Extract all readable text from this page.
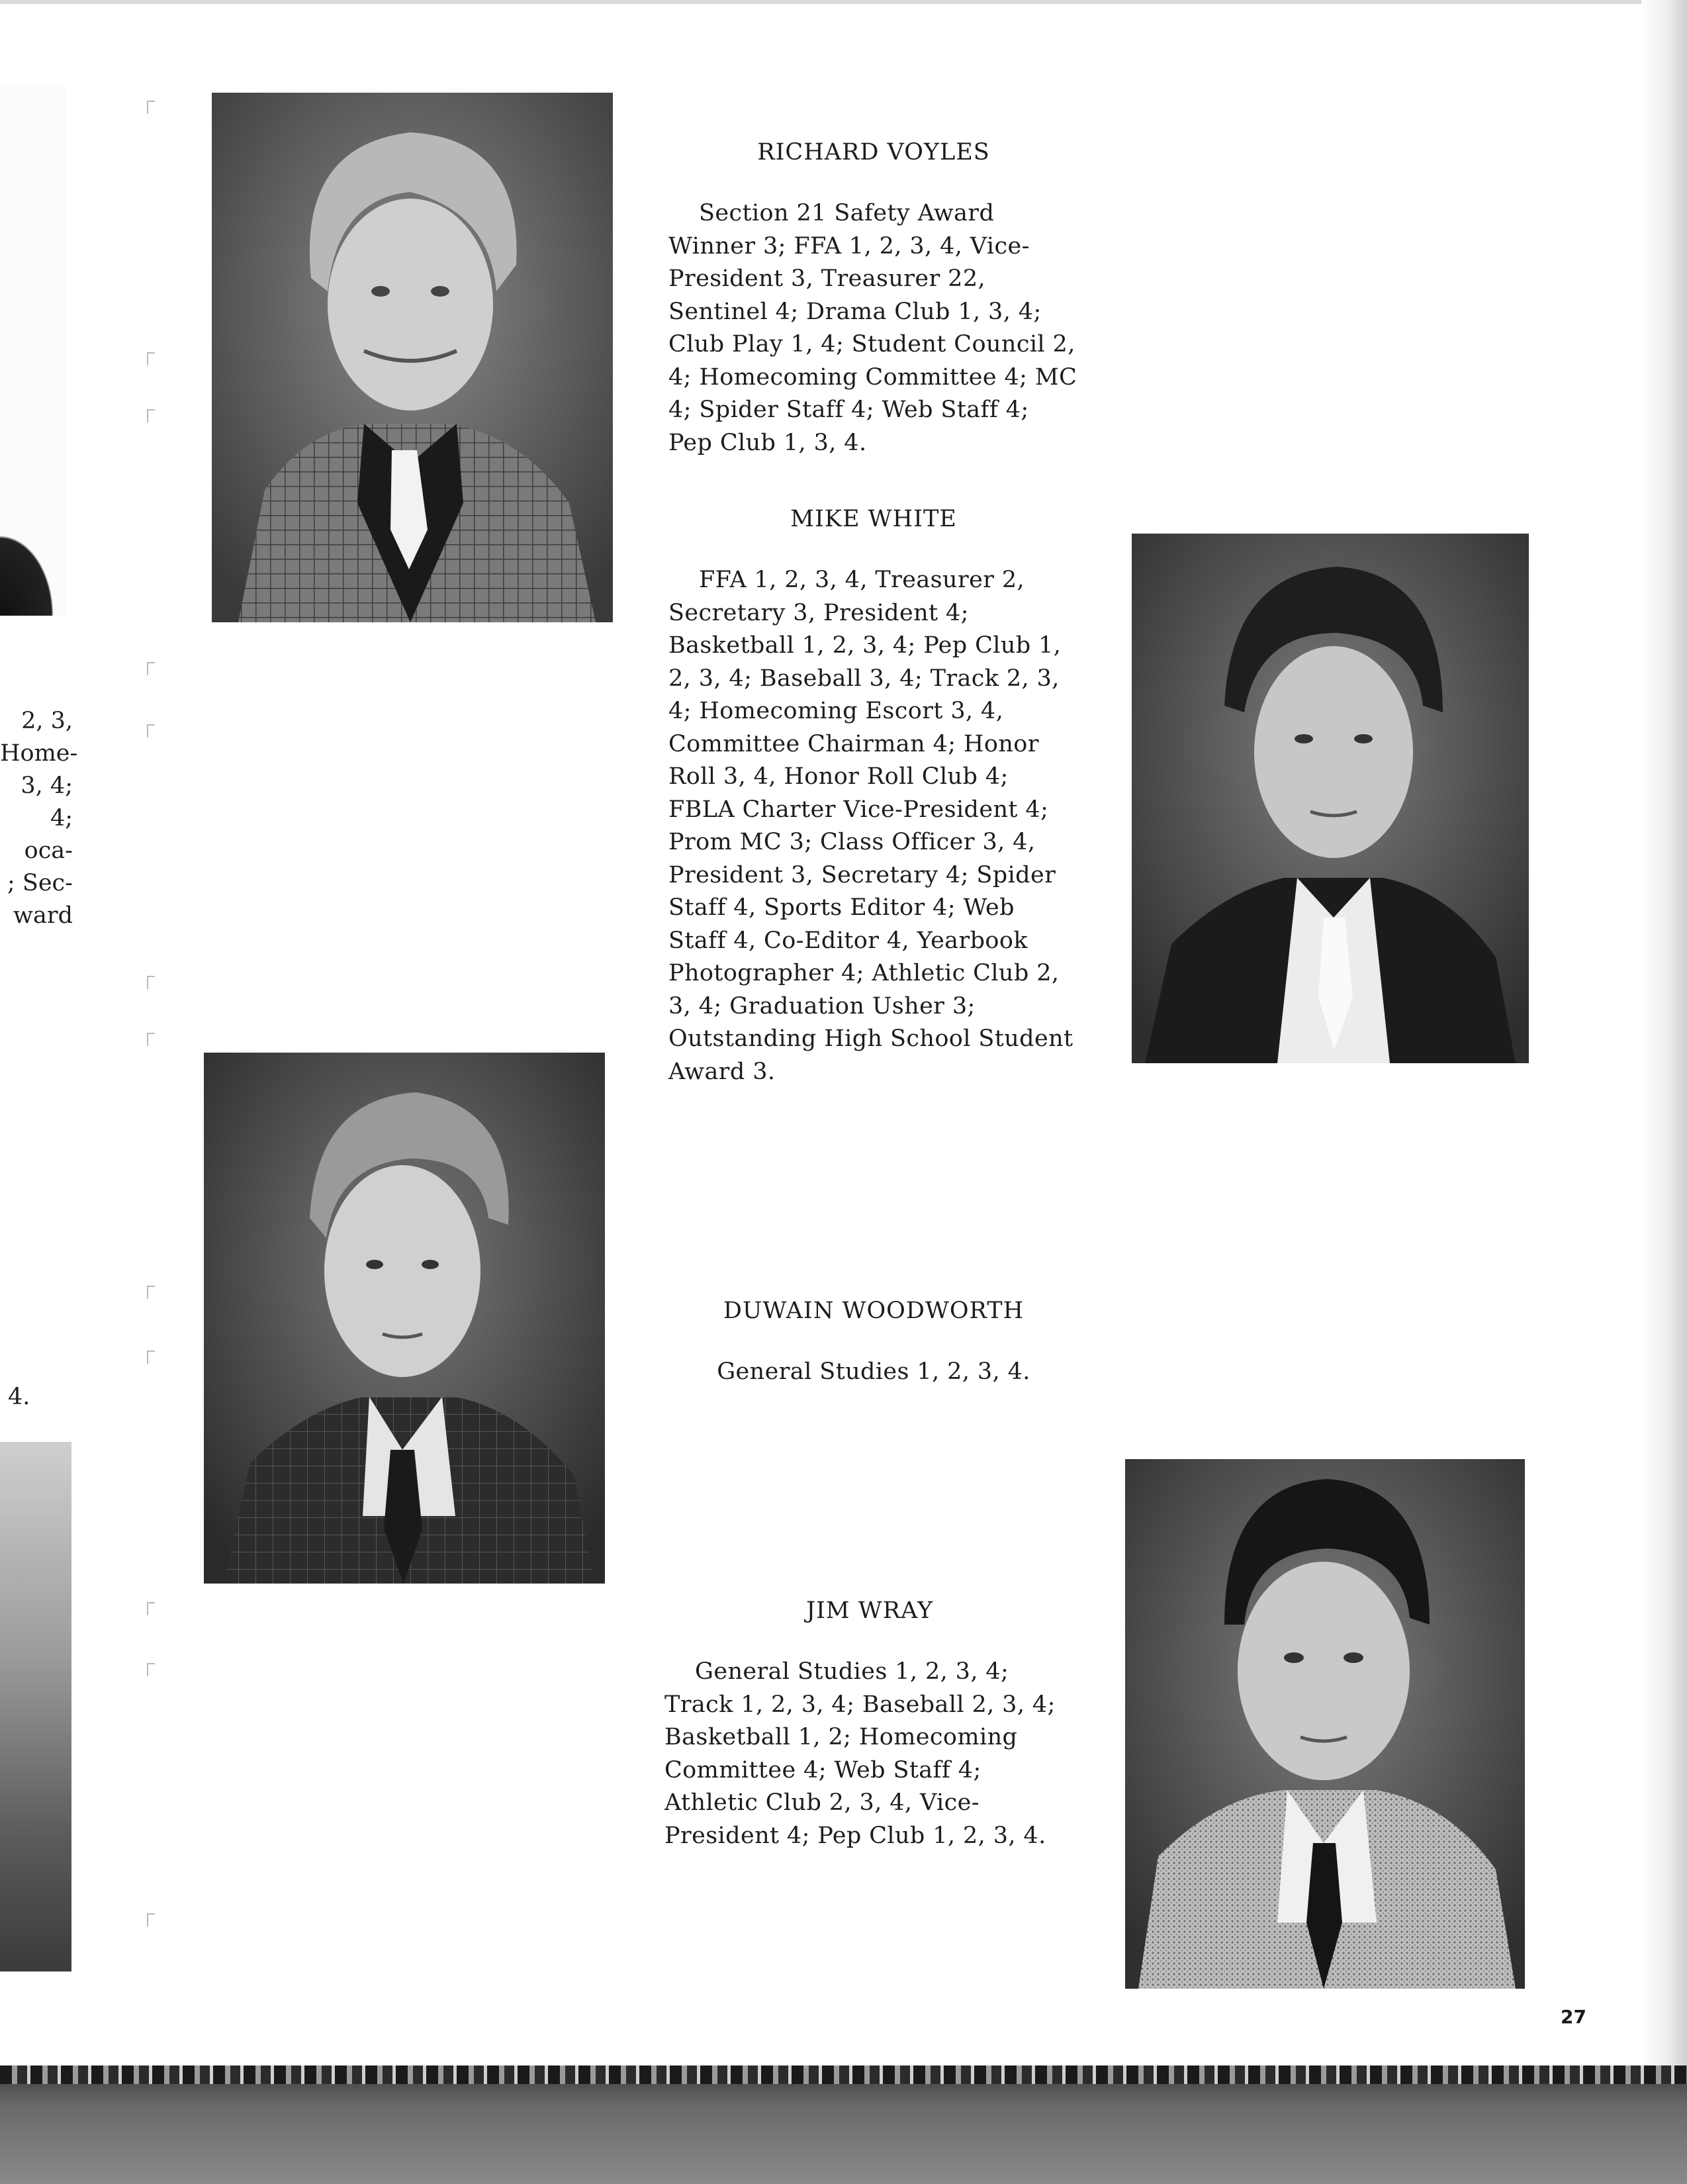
2, 3,
Home-
3, 4;
4;
oca-
; Sec-
ward
4.

RICHARD VOYLES

Section 21 Safety Award Winner 3; FFA 1, 2, 3, 4, Vice-President 3, Treasurer 22, Sentinel 4; Drama Club 1, 3, 4; Club Play 1, 4; Student Council 2, 4; Homecoming Committee 4; MC 4; Spider Staff 4; Web Staff 4; Pep Club 1, 3, 4.

MIKE WHITE

FFA 1, 2, 3, 4, Treasurer 2, Secretary 3, President 4; Basketball 1, 2, 3, 4; Pep Club 1, 2, 3, 4; Baseball 3, 4; Track 2, 3, 4; Homecoming Escort 3, 4, Committee Chairman 4; Honor Roll 3, 4, Honor Roll Club 4; FBLA Charter Vice-President 4; Prom MC 3; Class Officer 3, 4, President 3, Secretary 4; Spider Staff 4, Sports Editor 4; Web Staff 4, Co-Editor 4, Yearbook Photographer 4; Athletic Club 2, 3, 4; Graduation Usher 3; Outstanding High School Student Award 3.

DUWAIN WOODWORTH

General Studies 1, 2, 3, 4.

JIM WRAY

General Studies 1, 2, 3, 4; Track 1, 2, 3, 4; Baseball 2, 3, 4; Basketball 1, 2; Homecoming Committee 4; Web Staff 4; Athletic Club 2, 3, 4, Vice-President 4; Pep Club 1, 2, 3, 4.

27
